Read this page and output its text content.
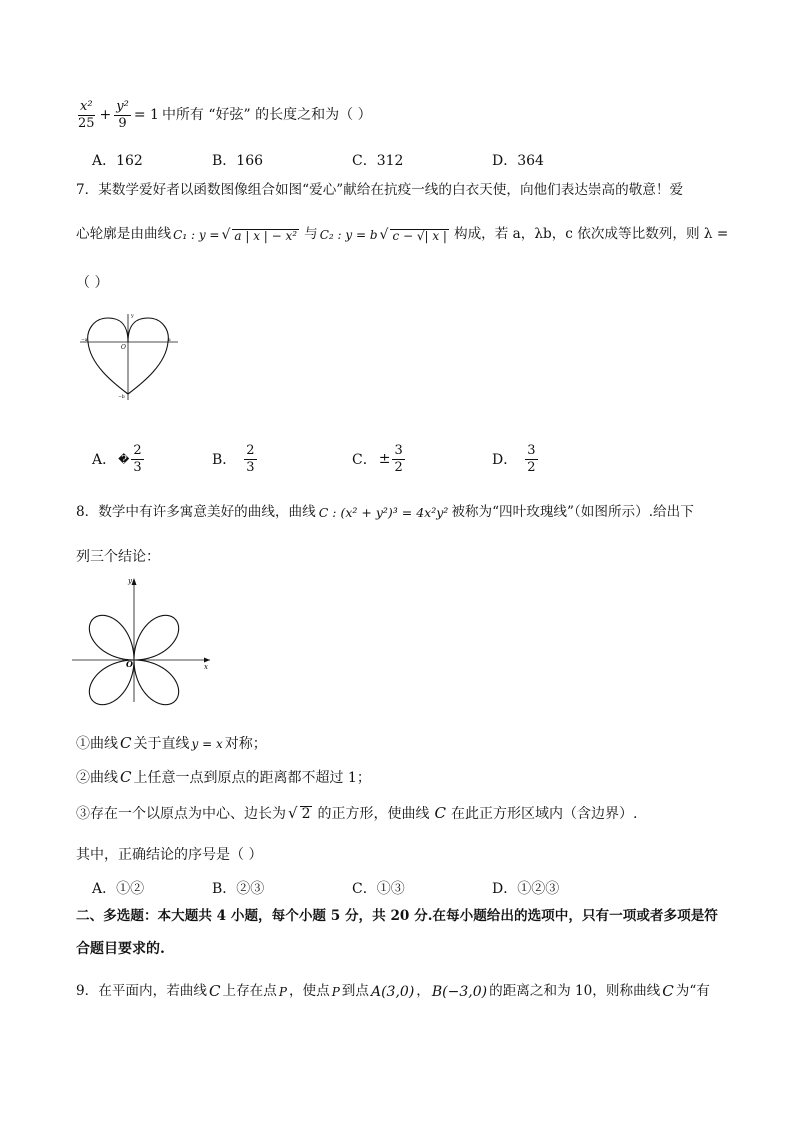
$\frac{\text{x²}}{25} + \frac{\text{y²}}{9} = 1$ 中所有 “好弦” 的长度之和为（ ）
A．162	B．166	C．312	D．364
7．某数学爱好者以函数图像组合如图“爱心”献给在抗疫一线的白衣天使，向他们表达崇高的敬意！爱
心轮廓是由曲线 C₁ : y = √ a | x | − x² 与 C₂ : y = b √ c − √| x | 构成，若 a，λb，c 依次成等比数列，则 λ =
（ ）
y
O
−a	a
−b
A． � $\frac{2}{3}$	B． $\frac{2}{3}$	C． ± $\frac{3}{2}$	D． $\frac{3}{2}$
8．数学中有许多寓意美好的曲线，曲线 C : (x² + y²)³ = 4x²y² 被称为“四叶玫瑰线”（如图所示）.给出下
列三个结论：
y
x
O
①曲线 C 关于直线 y = x 对称；
②曲线 C 上任意一点到原点的距离都不超过 1；
③存在一个以原点为中心、边长为 √ 2 的正方形，使曲线 C 在此正方形区域内（含边界）.
其中，正确结论的序号是（ ）
A．①②	B．②③	C．①③	D．①②③
二、多选题：本大题共 4 小题，每个小题 5 分，共 20 分.在每小题给出的选项中，只有一项或者多项是符
合题目要求的.
9．在平面内，若曲线 C 上存在点 P ，使点 P 到点 A(3,0) ， B(−3,0) 的距离之和为 10，则称曲线 C 为“有
